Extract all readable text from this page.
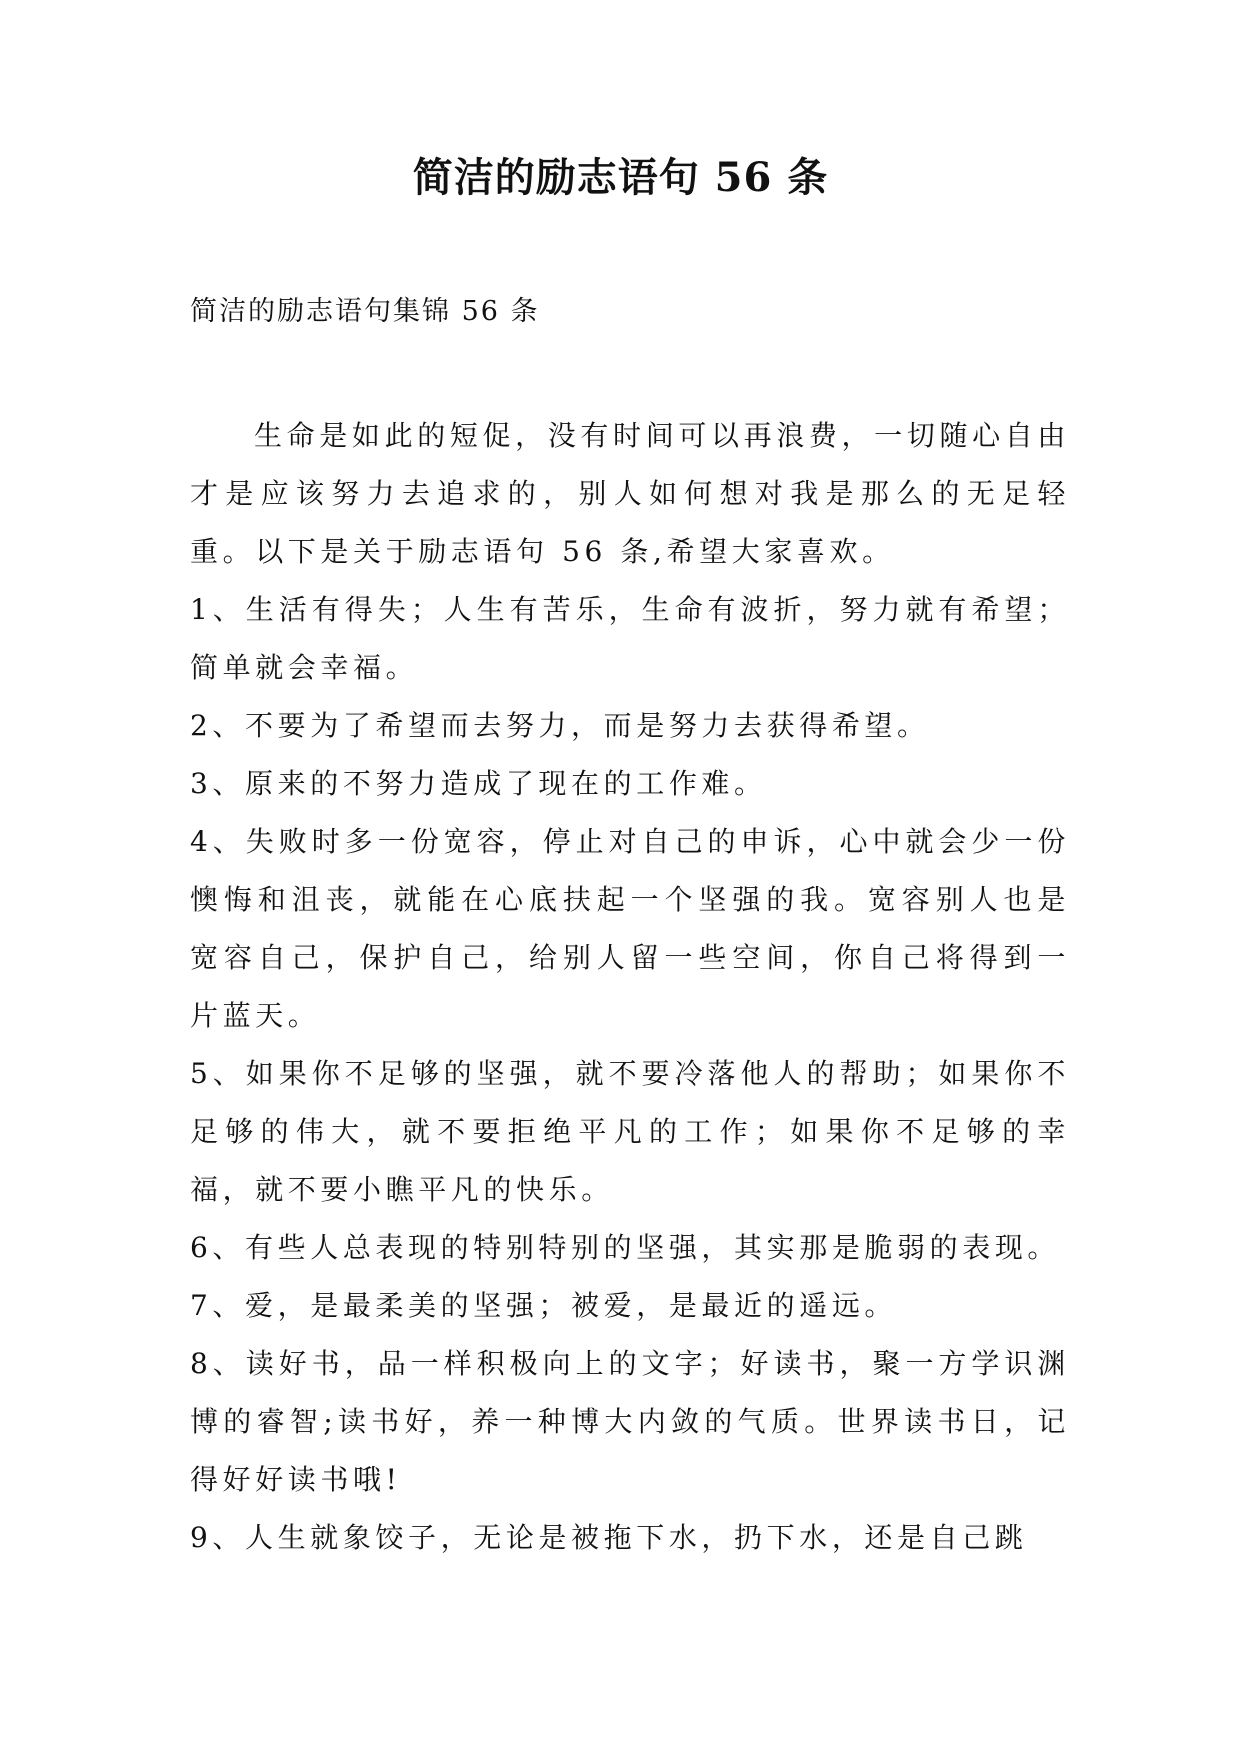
简洁的励志语句 56 条

简洁的励志语句集锦 56 条

生命是如此的短促，没有时间可以再浪费，一切随心自由才是应该努力去追求的，别人如何想对我是那么的无足轻重。以下是关于励志语句 56 条,希望大家喜欢。

1、生活有得失；人生有苦乐，生命有波折，努力就有希望；简单就会幸福。

2、不要为了希望而去努力，而是努力去获得希望。

3、原来的不努力造成了现在的工作难。

4、失败时多一份宽容，停止对自己的申诉，心中就会少一份懊悔和沮丧，就能在心底扶起一个坚强的我。宽容别人也是宽容自己，保护自己，给别人留一些空间，你自己将得到一片蓝天。

5、如果你不足够的坚强，就不要冷落他人的帮助；如果你不足够的伟大，就不要拒绝平凡的工作；如果你不足够的幸福，就不要小瞧平凡的快乐。

6、有些人总表现的特别特别的坚强，其实那是脆弱的表现。

7、爱，是最柔美的坚强；被爱，是最近的遥远。

8、读好书，品一样积极向上的文字；好读书，聚一方学识渊博的睿智;读书好，养一种博大内敛的气质。世界读书日，记得好好读书哦!

9、人生就象饺子，无论是被拖下水，扔下水，还是自己跳
